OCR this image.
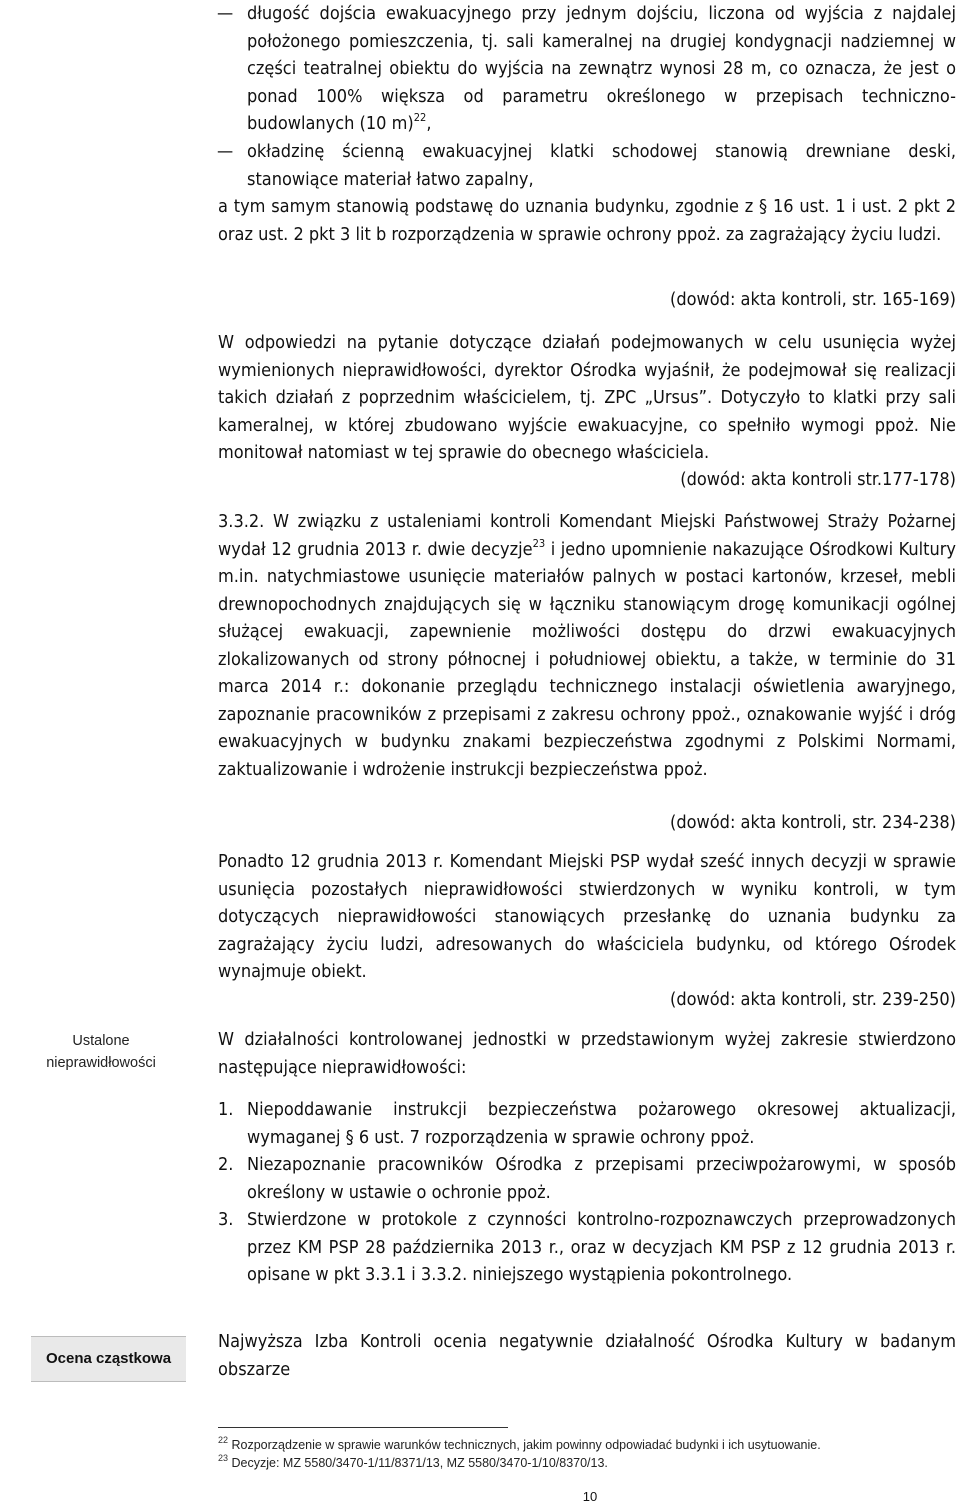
— długość dojścia ewakuacyjnego przy jednym dojściu, liczona od wyjścia z najdalej położonego pomieszczenia, tj. sali kameralnej na drugiej kondygnacji nadziemnej w części teatralnej obiektu do wyjścia na zewnątrz wynosi 28 m, co oznacza, że jest o ponad 100% większa od parametru określonego w przepisach techniczno-budowlanych (10 m)$^{22}$,
— okładzinę ścienną ewakuacyjnej klatki schodowej stanowią drewniane deski, stanowiące materiał łatwo zapalny,
a tym samym stanowią podstawę do uznania budynku, zgodnie z § 16 ust. 1 i ust. 2 pkt 2 oraz ust. 2 pkt 3 lit b rozporządzenia w sprawie ochrony ppoż. za zagrażający życiu ludzi.
(dowód: akta kontroli, str. 165-169)
W odpowiedzi na pytanie dotyczące działań podejmowanych w celu usunięcia wyżej wymienionych nieprawidłowości, dyrektor Ośrodka wyjaśnił, że podejmował się realizacji takich działań z poprzednim właścicielem, tj. ZPC „Ursus”. Dotyczyło to klatki przy sali kameralnej, w której zbudowano wyjście ewakuacyjne, co spełniło wymogi ppoż. Nie monitował natomiast w tej sprawie do obecnego właściciela.
(dowód: akta kontroli str.177-178)
3.3.2. W związku z ustaleniami kontroli Komendant Miejski Państwowej Straży Pożarnej wydał 12 grudnia 2013 r. dwie decyzje$^{23}$ i jedno upomnienie nakazujące Ośrodkowi Kultury m.in. natychmiastowe usunięcie materiałów palnych w postaci kartonów, krzeseł, mebli drewnopochodnych znajdujących się w łączniku stanowiącym drogę komunikacji ogólnej służącej ewakuacji, zapewnienie możliwości dostępu do drzwi ewakuacyjnych zlokalizowanych od strony północnej i południowej obiektu, a także, w terminie do 31 marca 2014 r.: dokonanie przeglądu technicznego instalacji oświetlenia awaryjnego, zapoznanie pracowników z przepisami z zakresu ochrony ppoż., oznakowanie wyjść i dróg ewakuacyjnych w budynku znakami bezpieczeństwa zgodnymi z Polskimi Normami, zaktualizowanie i wdrożenie instrukcji bezpieczeństwa ppoż.
(dowód: akta kontroli, str. 234-238)
Ponadto 12 grudnia 2013 r. Komendant Miejski PSP wydał sześć innych decyzji w sprawie usunięcia pozostałych nieprawidłowości stwierdzonych w wyniku kontroli, w tym dotyczących nieprawidłowości stanowiących przesłankę do uznania budynku za zagrażający życiu ludzi, adresowanych do właściciela budynku, od którego Ośrodek wynajmuje obiekt.
(dowód: akta kontroli, str. 239-250)
Ustalone nieprawidłowości
W działalności kontrolowanej jednostki w przedstawionym wyżej zakresie stwierdzono następujące nieprawidłowości:
1. Niepoddawanie instrukcji bezpieczeństwa pożarowego okresowej aktualizacji, wymaganej § 6 ust. 7 rozporządzenia w sprawie ochrony ppoż.
2. Niezapoznanie pracowników Ośrodka z przepisami przeciwpożarowymi, w sposób określony w ustawie o ochronie ppoż.
3. Stwierdzone w protokole z czynności kontrolno-rozpoznawczych przeprowadzonych przez KM PSP 28 października 2013 r., oraz w decyzjach KM PSP z 12 grudnia 2013 r. opisane w pkt 3.3.1 i 3.3.2. niniejszego wystąpienia pokontrolnego.
Ocena cząstkowa
Najwyższa Izba Kontroli ocenia negatywnie działalność Ośrodka Kultury w badanym obszarze
$^{22}$ Rozporządzenie w sprawie warunków technicznych, jakim powinny odpowiadać budynki i ich usytuowanie.
$^{23}$ Decyzje: MZ 5580/3470-1/11/8371/13, MZ 5580/3470-1/10/8370/13.
10
